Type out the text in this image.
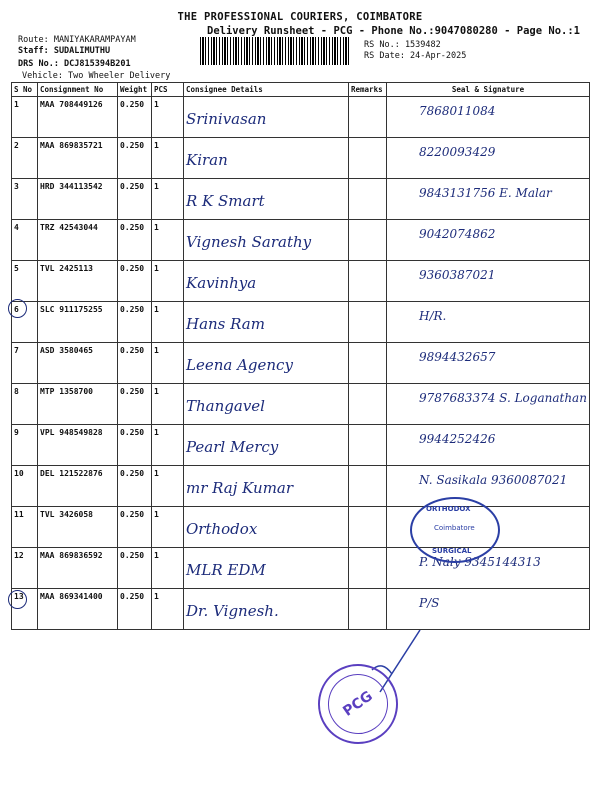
THE PROFESSIONAL COURIERS, COIMBATORE
Delivery Runsheet - PCG - Phone No.:9047080280 - Page No.:1
Route: MANIYAKARAMPAYAM
Staff: SUDALIMUTHU
DRS No.: DCJ815394B201
Vehicle: Two Wheeler Delivery
RS No.: 1539482
RS Date: 24-Apr-2025
S No	Consignment No	Weight	PCS	Consignee Details	Remarks	Seal & Signature
1	MAA 708449126	0.250	1	Srinivasan		7868011084

2	MAA 869835721	0.250	1	Kiran		8220093429

3	HRD 344113542	0.250	1	R K Smart		9843131756 E. Malar

4	TRZ 42543044	0.250	1	Vignesh Sarathy		9042074862

5	TVL 2425113	0.250	1	Kavinhya		9360387021

6	SLC 911175255	0.250	1	Hans Ram		H/R.

7	ASD 3580465	0.250	1	Leena Agency		9894432657

8	MTP 1358700	0.250	1	Thangavel		9787683374 S. Loganathan

9	VPL 948549828	0.250	1	Pearl Mercy		9944252426

10	DEL 121522876	0.250	1	mr Raj Kumar		N. Sasikala 9360087021

11	TVL 3426058	0.250	1	Orthodox		

12	MAA 869836592	0.250	1	MLR EDM		P. Naly 9345144313

13	MAA 869341400	0.250	1	Dr. Vignesh.		P/S
ORTHODOX
Coimbatore
SURGICAL
PCG
